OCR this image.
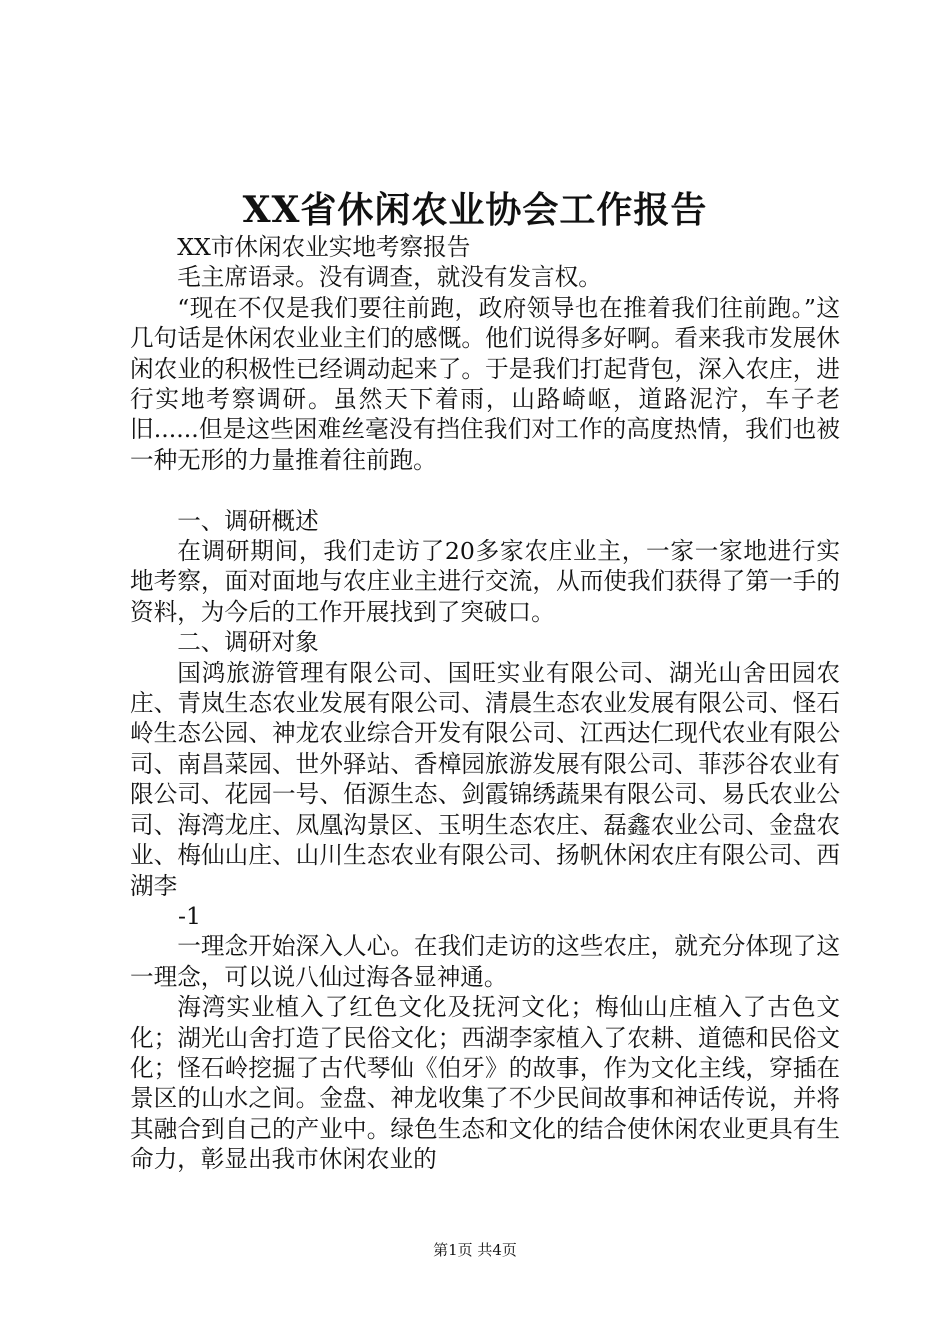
XX省休闲农业协会工作报告

XX市休闲农业实地考察报告

毛主席语录。没有调查，就没有发言权。

“现在不仅是我们要往前跑，政府领导也在推着我们往前跑。”这几句话是休闲农业业主们的感慨。他们说得多好啊。看来我市发展休闲农业的积极性已经调动起来了。于是我们打起背包，深入农庄，进行实地考察调研。虽然天下着雨，山路崎岖，道路泥泞，车子老旧......但是这些困难丝毫没有挡住我们对工作的高度热情，我们也被一种无形的力量推着往前跑。

一、调研概述

在调研期间，我们走访了20多家农庄业主，一家一家地进行实地考察，面对面地与农庄业主进行交流，从而使我们获得了第一手的资料，为今后的工作开展找到了突破口。

二、调研对象

国鸿旅游管理有限公司、国旺实业有限公司、湖光山舍田园农庄、青岚生态农业发展有限公司、清晨生态农业发展有限公司、怪石岭生态公园、神龙农业综合开发有限公司、江西达仁现代农业有限公司、南昌菜园、世外驿站、香樟园旅游发展有限公司、菲莎谷农业有限公司、花园一号、佰源生态、剑霞锦绣蔬果有限公司、易氏农业公司、海湾龙庄、凤凰沟景区、玉明生态农庄、磊鑫农业公司、金盘农业、梅仙山庄、山川生态农业有限公司、扬帆休闲农庄有限公司、西湖李

-1

一理念开始深入人心。在我们走访的这些农庄，就充分体现了这一理念，可以说八仙过海各显神通。

海湾实业植入了红色文化及抚河文化；梅仙山庄植入了古色文化；湖光山舍打造了民俗文化；西湖李家植入了农耕、道德和民俗文化；怪石岭挖掘了古代琴仙《伯牙》的故事，作为文化主线，穿插在景区的山水之间。金盘、神龙收集了不少民间故事和神话传说，并将其融合到自己的产业中。绿色生态和文化的结合使休闲农业更具有生命力，彰显出我市休闲农业的

第1页 共4页
